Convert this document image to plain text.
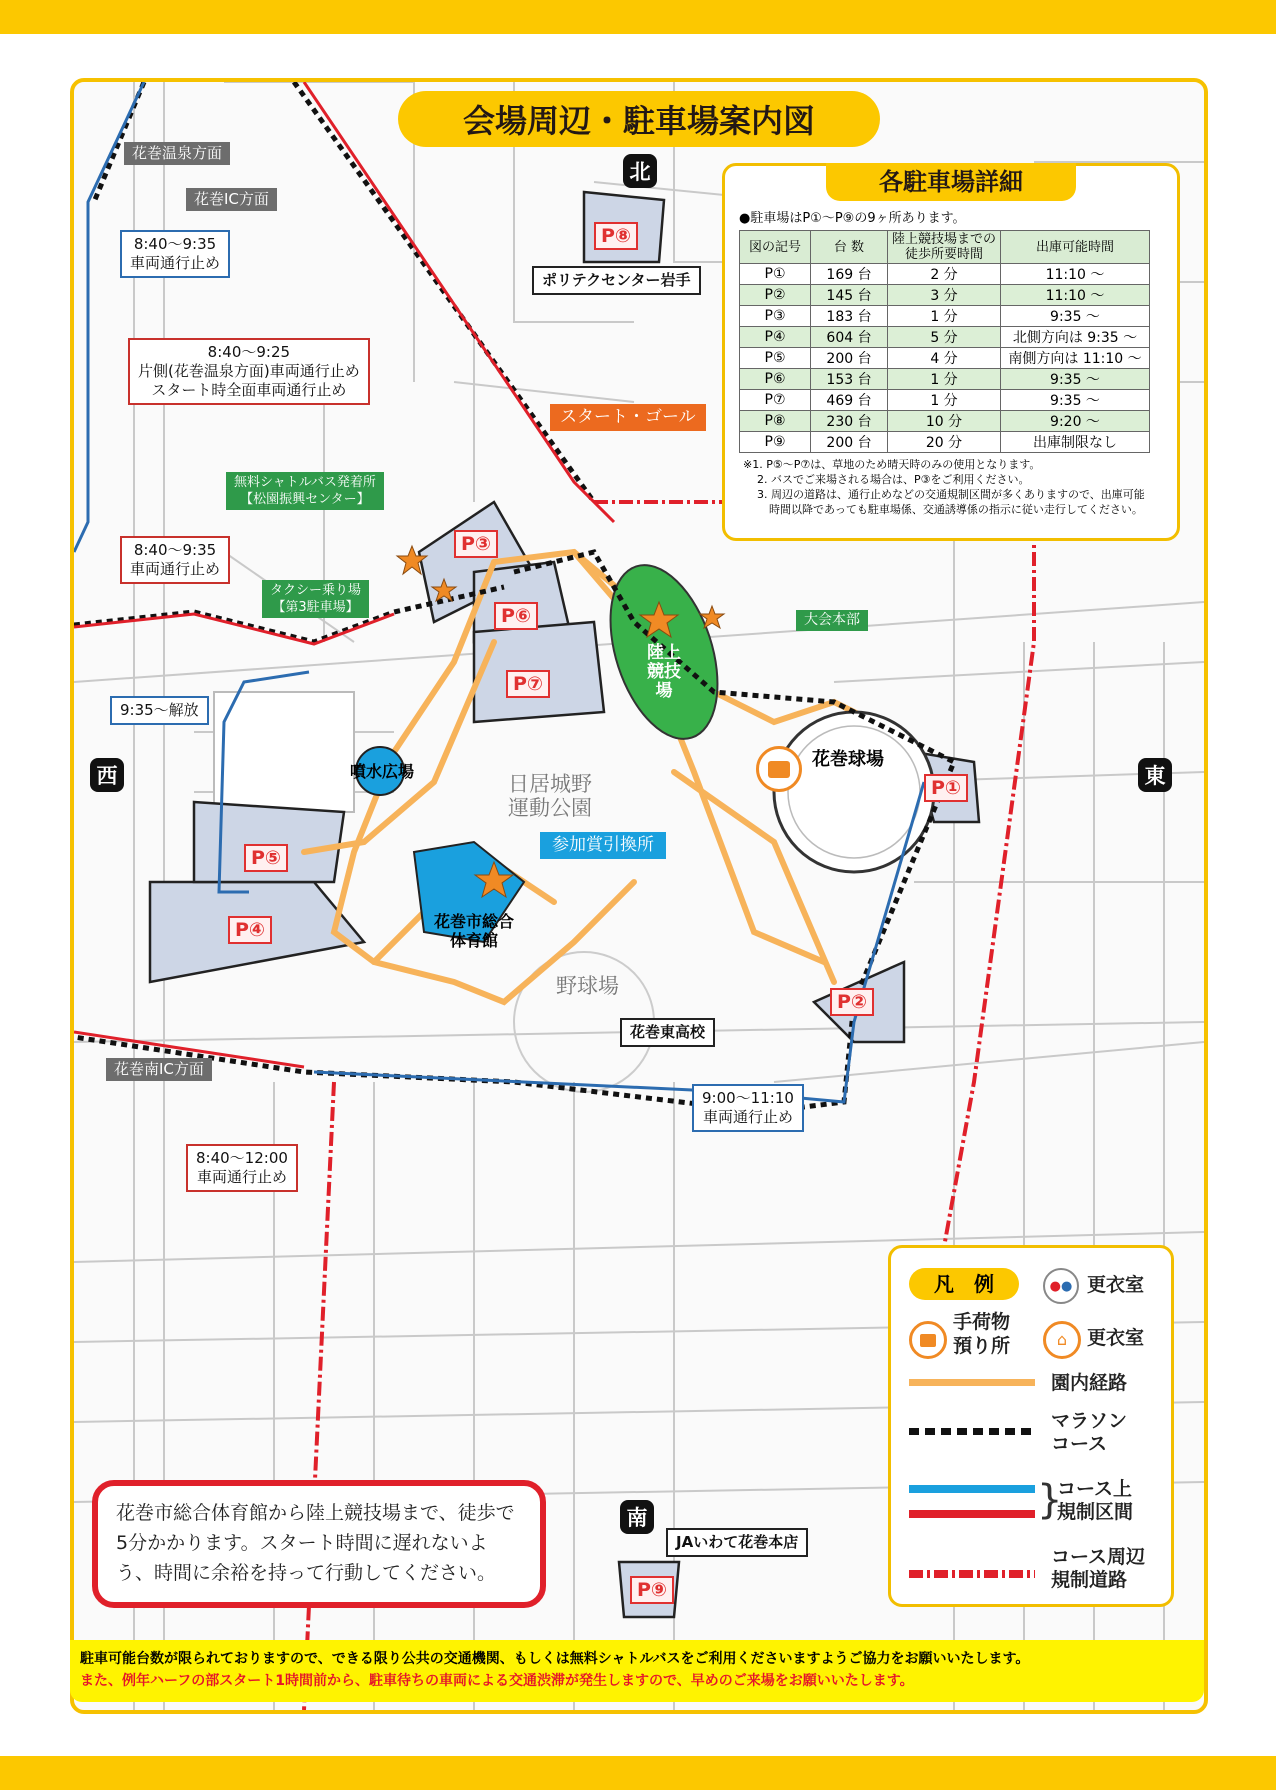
北
西	東
南
花巻温泉方面
花巻IC方面
花巻南IC方面
8:40〜9:35
車両通行止め
8:40〜9:25
片側(花巻温泉方面)車両通行止め
スタート時全面車両通行止め
8:40〜9:35
車両通行止め
9:35〜解放
8:40〜12:00
車両通行止め
9:00〜11:10
車両通行止め
無料シャトルバス発着所
【松園振興センター】
タクシー乗り場
【第3駐車場】
スタート・ゴール
大会本部
参加賞引換所
ポリテクセンター岩手
花巻東高校
JAいわて花巻本店
噴水広場
陸上競技場
花巻球場
花巻市総合体育館
日居城野運動公園
野球場
P①
P②
P③
P④
P⑤
P⑥
P⑦
P⑧
P⑨
会場周辺・駐車場案内図
各駐車場詳細
●駐車場はP①〜P⑨の9ヶ所あります。
図の記号	台 数	陸上競技場までの徒歩所要時間	出庫可能時間
P①	169 台	2 分	11:10 〜
P②	145 台	3 分	11:10 〜
P③	183 台	1 分	9:35 〜
P④	604 台	5 分	北側方向は 9:35 〜
P⑤	200 台	4 分	南側方向は 11:10 〜
P⑥	153 台	1 分	9:35 〜
P⑦	469 台	1 分	9:35 〜
P⑧	230 台	10 分	9:20 〜
P⑨	200 台	20 分	出庫制限なし
※1. P⑤〜P⑦は、草地のため晴天時のみの使用となります。
2. バスでご来場される場合は、P③をご利用ください。
3. 周辺の道路は、通行止めなどの交通規制区間が多くありますので、出庫可能
時間以降であっても駐車場係、交通誘導係の指示に従い走行してください。
凡　例	● ● 更衣室
手荷物預り所	⌂	更衣室
園内経路
マラソンコース
}
コース上規制区間
コース周辺規制道路
花巻市総合体育館から陸上競技場まで、徒歩で5分かかります。スタート時間に遅れないよう、時間に余裕を持って行動してください。
駐車可能台数が限られておりますので、できる限り公共の交通機関、もしくは無料シャトルバスをご利用くださいますようご協力をお願いいたします。
また、例年ハーフの部スタート1時間前から、駐車待ちの車両による交通渋滞が発生しますので、早めのご来場をお願いいたします。
